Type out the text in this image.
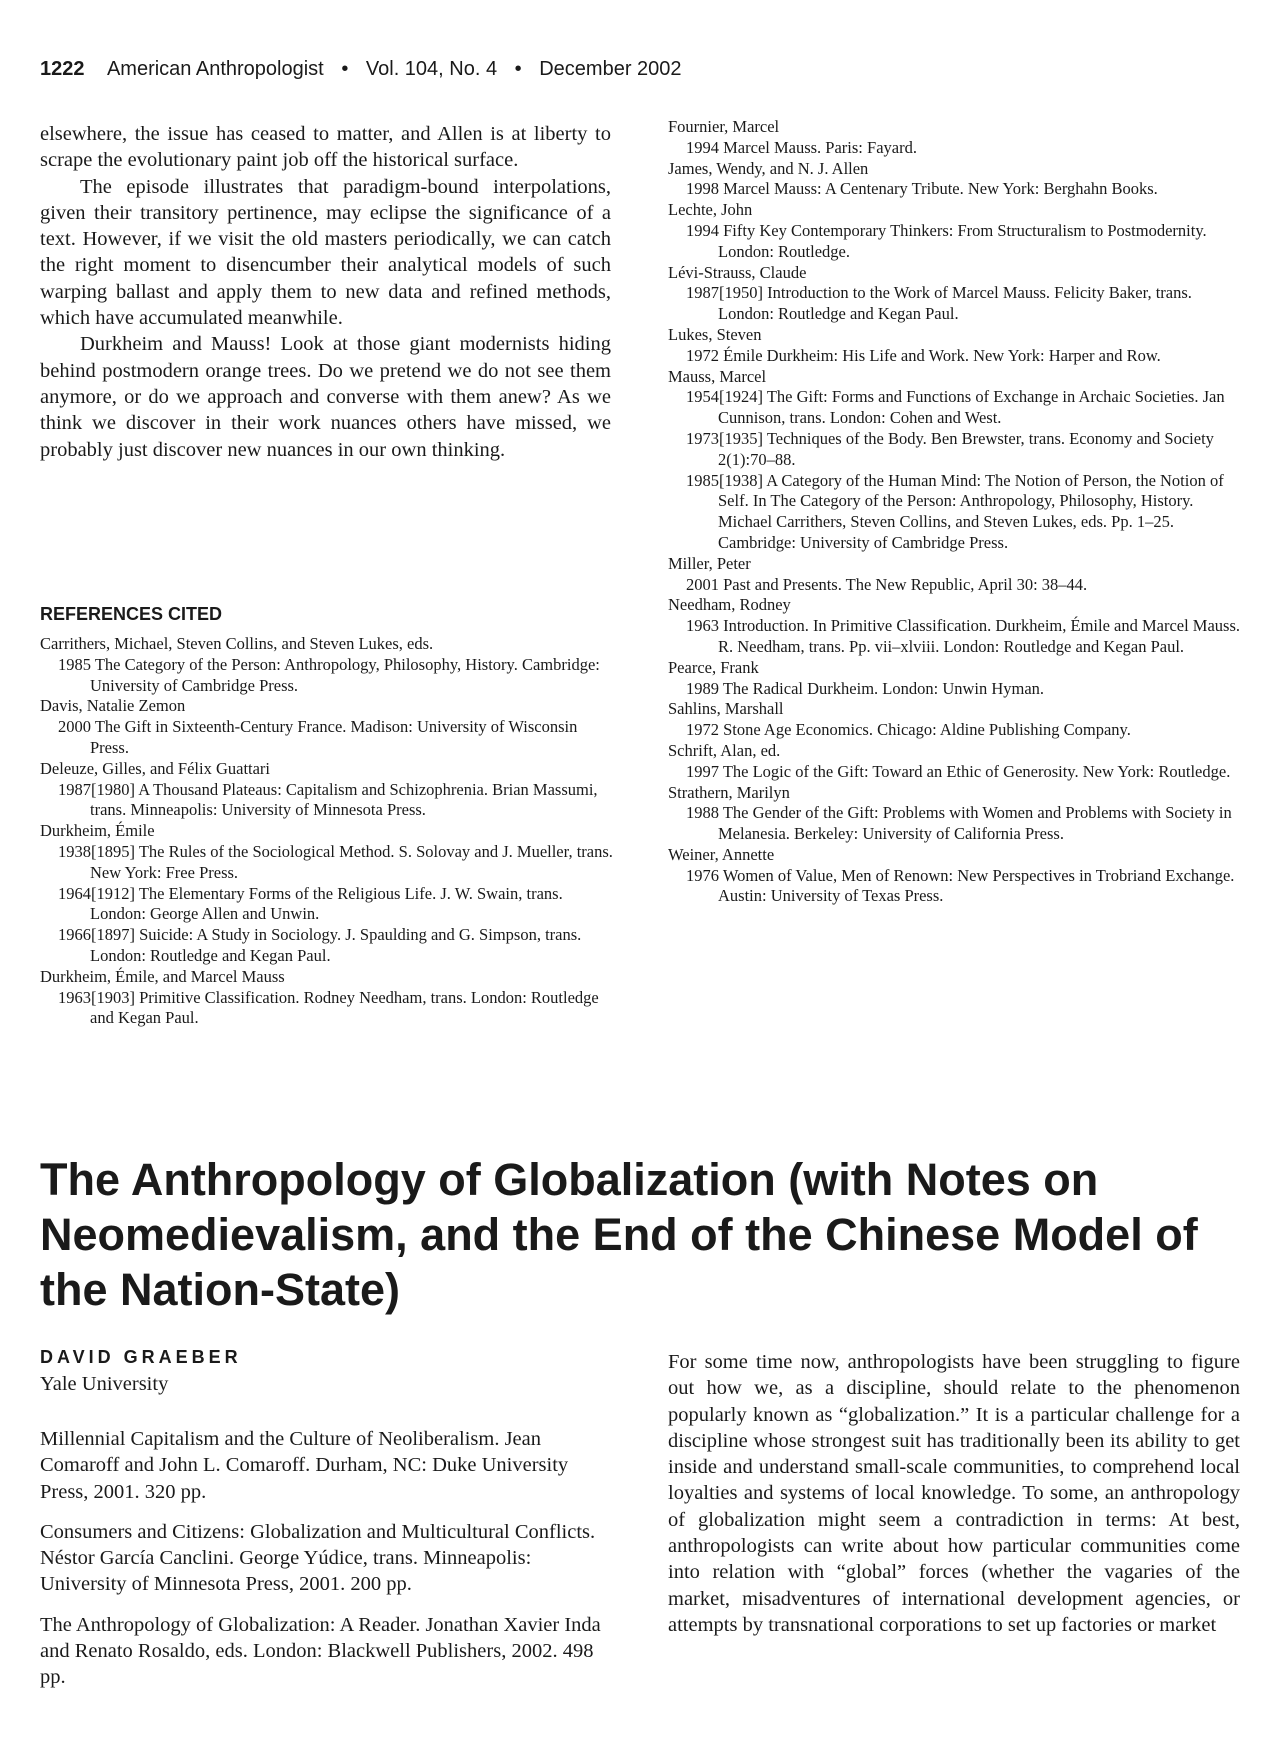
1222 American Anthropologist • Vol. 104, No. 4 • December 2002

elsewhere, the issue has ceased to matter, and Allen is at liberty to scrape the evolutionary paint job off the historical surface.

The episode illustrates that paradigm-bound interpolations, given their transitory pertinence, may eclipse the significance of a text. However, if we visit the old masters periodically, we can catch the right moment to disencumber their analytical models of such warping ballast and apply them to new data and refined methods, which have accumulated meanwhile.

Durkheim and Mauss! Look at those giant modernists hiding behind postmodern orange trees. Do we pretend we do not see them anymore, or do we approach and converse with them anew? As we think we discover in their work nuances others have missed, we probably just discover new nuances in our own thinking.

REFERENCES CITED
Carrithers, Michael, Steven Collins, and Steven Lukes, eds.
1985 The Category of the Person: Anthropology, Philosophy, History. Cambridge: University of Cambridge Press.
Davis, Natalie Zemon
2000 The Gift in Sixteenth-Century France. Madison: University of Wisconsin Press.
Deleuze, Gilles, and Félix Guattari
1987[1980] A Thousand Plateaus: Capitalism and Schizophrenia. Brian Massumi, trans. Minneapolis: University of Minnesota Press.
Durkheim, Émile
1938[1895] The Rules of the Sociological Method. S. Solovay and J. Mueller, trans. New York: Free Press.
1964[1912] The Elementary Forms of the Religious Life. J. W. Swain, trans. London: George Allen and Unwin.
1966[1897] Suicide: A Study in Sociology. J. Spaulding and G. Simpson, trans. London: Routledge and Kegan Paul.
Durkheim, Émile, and Marcel Mauss
1963[1903] Primitive Classification. Rodney Needham, trans. London: Routledge and Kegan Paul.
Fournier, Marcel
1994 Marcel Mauss. Paris: Fayard.
James, Wendy, and N. J. Allen
1998 Marcel Mauss: A Centenary Tribute. New York: Berghahn Books.
Lechte, John
1994 Fifty Key Contemporary Thinkers: From Structuralism to Postmodernity. London: Routledge.
Lévi-Strauss, Claude
1987[1950] Introduction to the Work of Marcel Mauss. Felicity Baker, trans. London: Routledge and Kegan Paul.
Lukes, Steven
1972 Émile Durkheim: His Life and Work. New York: Harper and Row.
Mauss, Marcel
1954[1924] The Gift: Forms and Functions of Exchange in Archaic Societies. Jan Cunnison, trans. London: Cohen and West.
1973[1935] Techniques of the Body. Ben Brewster, trans. Economy and Society 2(1):70–88.
1985[1938] A Category of the Human Mind: The Notion of Person, the Notion of Self. In The Category of the Person: Anthropology, Philosophy, History. Michael Carrithers, Steven Collins, and Steven Lukes, eds. Pp. 1–25. Cambridge: University of Cambridge Press.
Miller, Peter
2001 Past and Presents. The New Republic, April 30: 38–44.
Needham, Rodney
1963 Introduction. In Primitive Classification. Durkheim, Émile and Marcel Mauss. R. Needham, trans. Pp. vii–xlviii. London: Routledge and Kegan Paul.
Pearce, Frank
1989 The Radical Durkheim. London: Unwin Hyman.
Sahlins, Marshall
1972 Stone Age Economics. Chicago: Aldine Publishing Company.
Schrift, Alan, ed.
1997 The Logic of the Gift: Toward an Ethic of Generosity. New York: Routledge.
Strathern, Marilyn
1988 The Gender of the Gift: Problems with Women and Problems with Society in Melanesia. Berkeley: University of California Press.
Weiner, Annette
1976 Women of Value, Men of Renown: New Perspectives in Trobriand Exchange. Austin: University of Texas Press.
The Anthropology of Globalization (with Notes on Neomedievalism, and the End of the Chinese Model of the Nation-State)
DAVID GRAEBER
Yale University

Millennial Capitalism and the Culture of Neoliberalism. Jean Comaroff and John L. Comaroff. Durham, NC: Duke University Press, 2001. 320 pp.

Consumers and Citizens: Globalization and Multicultural Conflicts. Néstor García Canclini. George Yúdice, trans. Minneapolis: University of Minnesota Press, 2001. 200 pp.

The Anthropology of Globalization: A Reader. Jonathan Xavier Inda and Renato Rosaldo, eds. London: Blackwell Publishers, 2002. 498 pp.

For some time now, anthropologists have been struggling to figure out how we, as a discipline, should relate to the phenomenon popularly known as “globalization.” It is a particular challenge for a discipline whose strongest suit has traditionally been its ability to get inside and understand small-scale communities, to comprehend local loyalties and systems of local knowledge. To some, an anthropology of globalization might seem a contradiction in terms: At best, anthropologists can write about how particular communities come into relation with “global” forces (whether the vagaries of the market, misadventures of international development agencies, or attempts by transnational corporations to set up factories or market
